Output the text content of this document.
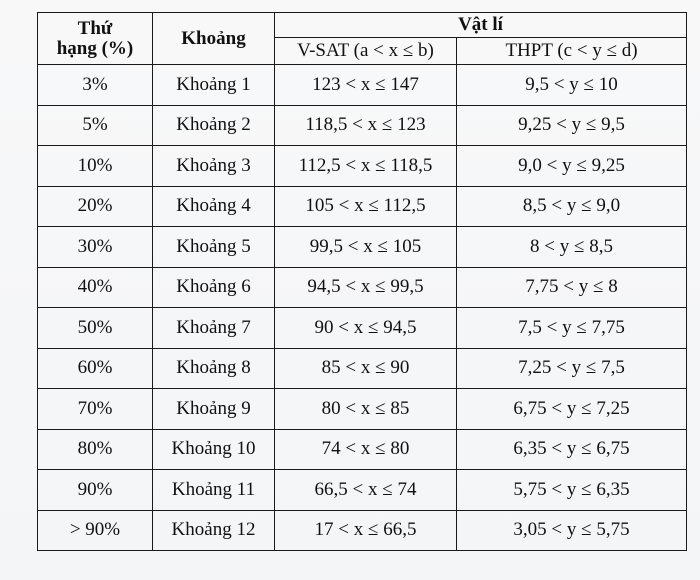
Thứ hạng (%)	Khoảng	Vật lí	
		V-SAT (a < x ≤ b)	THPT (c < y ≤ d)
3%	Khoảng 1	123 < x ≤ 147	9,5 < y ≤ 10
5%	Khoảng 2	118,5 < x ≤ 123	9,25 < y ≤ 9,5
10%	Khoảng 3	112,5 < x ≤ 118,5	9,0 < y ≤ 9,25
20%	Khoảng 4	105 < x ≤ 112,5	8,5 < y ≤ 9,0
30%	Khoảng 5	99,5 < x ≤ 105	8 < y ≤ 8,5
40%	Khoảng 6	94,5 < x ≤ 99,5	7,75 < y ≤ 8
50%	Khoảng 7	90 < x ≤ 94,5	7,5 < y ≤ 7,75
60%	Khoảng 8	85 < x ≤ 90	7,25 < y ≤ 7,5
70%	Khoảng 9	80 < x ≤ 85	6,75 < y ≤ 7,25
80%	Khoảng 10	74 < x ≤ 80	6,35 < y ≤ 6,75
90%	Khoảng 11	66,5 < x ≤ 74	5,75 < y ≤ 6,35
> 90%	Khoảng 12	17 < x ≤ 66,5	3,05 < y ≤ 5,75
